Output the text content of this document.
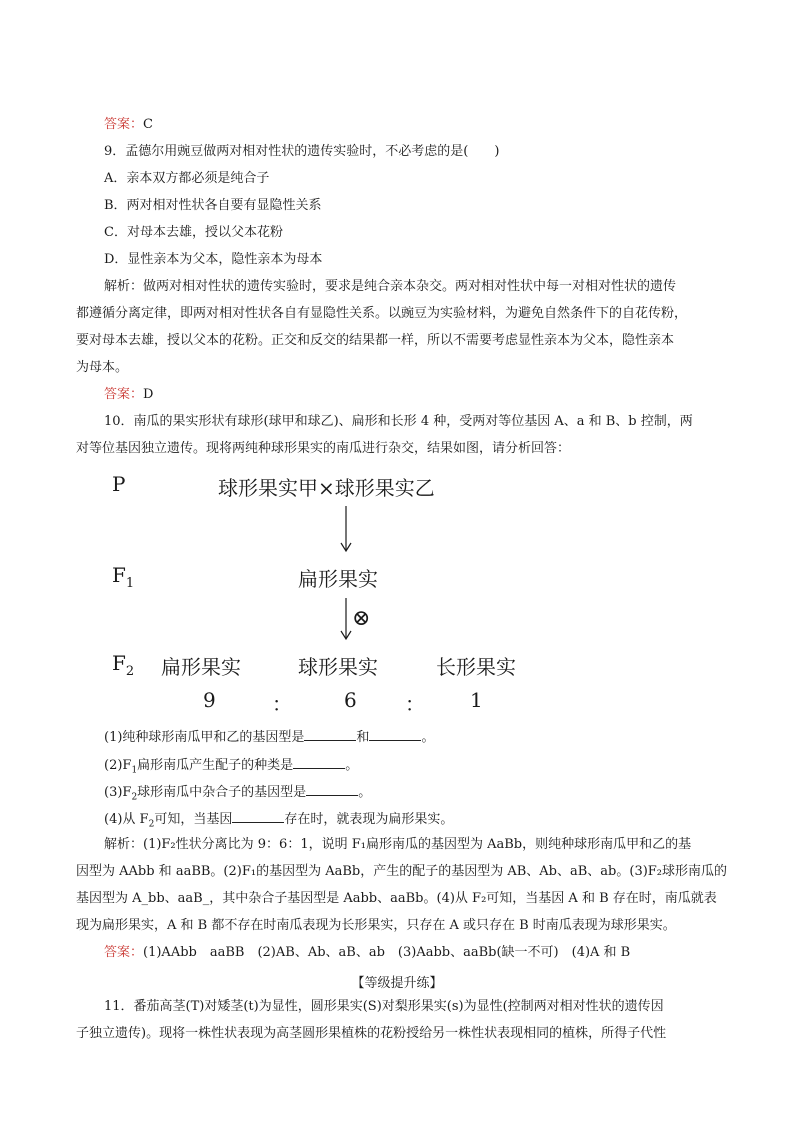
答案：C
9．孟德尔用豌豆做两对相对性状的遗传实验时，不必考虑的是(　　)
A．亲本双方都必须是纯合子
B．两对相对性状各自要有显隐性关系
C．对母本去雄，授以父本花粉
D．显性亲本为父本，隐性亲本为母本
解析：做两对相对性状的遗传实验时，要求是纯合亲本杂交。两对相对性状中每一对相对性状的遗传
都遵循分离定律，即两对相对性状各自有显隐性关系。以豌豆为实验材料，为避免自然条件下的自花传粉，
要对母本去雄，授以父本的花粉。正交和反交的结果都一样，所以不需要考虑显性亲本为父本，隐性亲本
为母本。
答案：D
10．南瓜的果实形状有球形(球甲和球乙)、扁形和长形 4 种，受两对等位基因 A、a 和 B、b 控制，两
对等位基因独立遗传。现将两纯种球形果实的南瓜进行杂交，结果如图，请分析回答：
P	球形果实甲×球形果实乙
$F_1$	扁形果实
⊗
$F_2$ 扁形果实	球形果实	长形果实
9	：	6 ： 1
(1)纯种球形南瓜甲和乙的基因型是	和	。
$(2)F_1$扁形南瓜产生配子的种类是	。
$(3)F_2$球形南瓜中杂合子的基因型是	。
(4)从 $F_2$可知，当基因	存在时，就表现为扁形果实。
解析：(1)F₂性状分离比为 9：6：1，说明 F₁扁形南瓜的基因型为 AaBb，则纯种球形南瓜甲和乙的基
因型为 AAbb 和 aaBB。(2)F₁的基因型为 AaBb，产生的配子的基因型为 AB、Ab、aB、ab。(3)F₂球形南瓜的
基因型为 A_bb、aaB_，其中杂合子基因型是 Aabb、aaBb。(4)从 F₂可知，当基因 A 和 B 存在时，南瓜就表
现为扁形果实，A 和 B 都不存在时南瓜表现为长形果实，只存在 A 或只存在 B 时南瓜表现为球形果实。
答案：(1)AAbb　aaBB　(2)AB、Ab、aB、ab　(3)Aabb、aaBb(缺一不可)　(4)A 和 B
【等级提升练】
11．番茄高茎(T)对矮茎(t)为显性，圆形果实(S)对梨形果实(s)为显性(控制两对相对性状的遗传因
子独立遗传)。现将一株性状表现为高茎圆形果植株的花粉授给另一株性状表现相同的植株，所得子代性
